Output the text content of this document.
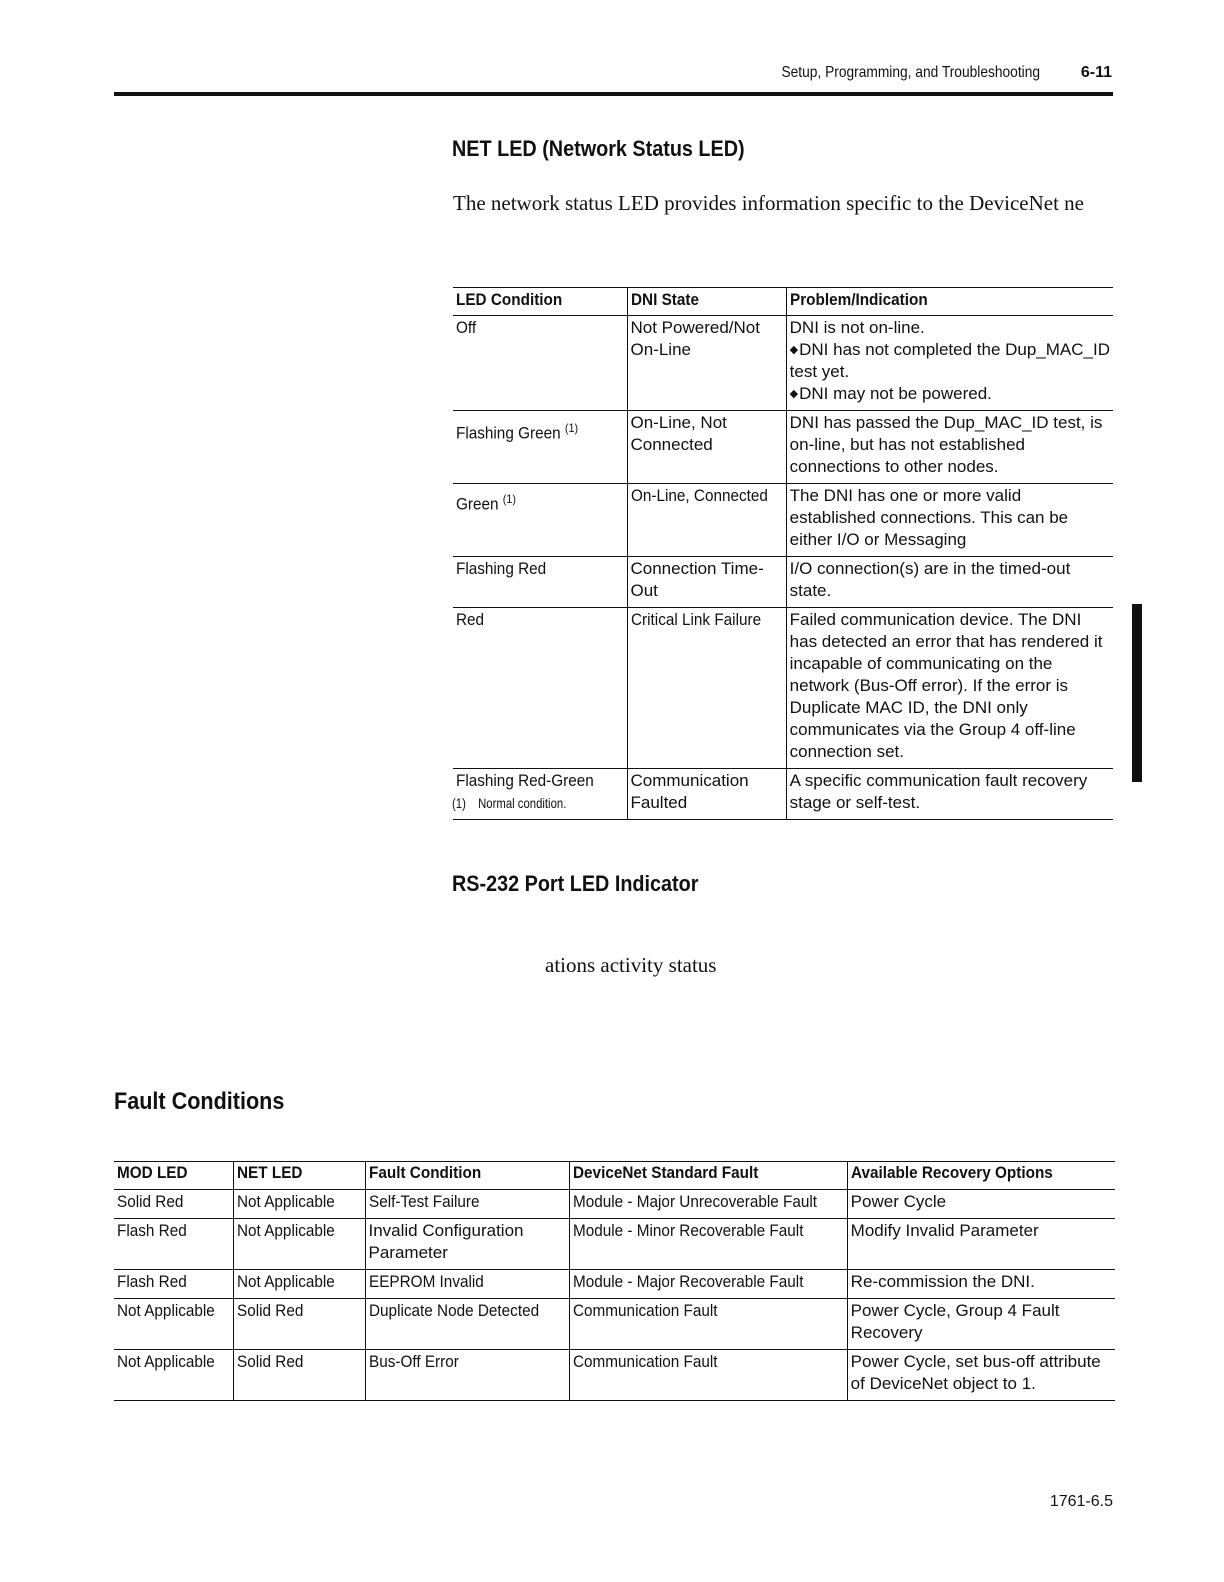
Setup, Programming, and Troubleshooting	6-11
NET LED (Network Status LED)
The network status LED provides information specific to the DeviceNet ne
LED Condition	DNI State	Problem/Indication
Off	Not Powered/Not On-Line	DNI is not on-line.
◆DNI has not completed the Dup_MAC_ID test yet.
◆DNI may not be powered.

Flashing Green $^{(1)}$	On-Line, Not Connected	DNI has passed the Dup_MAC_ID test, is on-line, but has not established connections to other nodes.
Green $^{(1)}$	On-Line, Connected	The DNI has one or more valid established connections. This can be either I/O or Messaging
Flashing Red	Connection Time-Out	I/O connection(s) are in the timed-out state.
Red	Critical Link Failure	Failed communication device. The DNI has detected an error that has rendered it incapable of communicating on the network (Bus-Off error). If the error is Duplicate MAC ID, the DNI only communicates via the Group 4 off-line connection set.
Flashing Red-Green	Communication Faulted	A specific communication fault recovery stage or self-test.
(1) Normal condition.
RS-232 Port LED Indicator
ations activity status
Fault Conditions
MOD LED	NET LED	Fault Condition	DeviceNet Standard Fault	Available Recovery Options
Solid Red	Not Applicable	Self-Test Failure	Module - Major Unrecoverable Fault	Power Cycle
Flash Red	Not Applicable	Invalid Configuration Parameter	Module - Minor Recoverable Fault	Modify Invalid Parameter
Flash Red	Not Applicable	EEPROM Invalid	Module - Major Recoverable Fault	Re-commission the DNI.
Not Applicable	Solid Red	Duplicate Node Detected	Communication Fault	Power Cycle, Group 4 Fault Recovery
Not Applicable	Solid Red	Bus-Off Error	Communication Fault	Power Cycle, set bus-off attribute of DeviceNet object to 1.
1761-6.5
